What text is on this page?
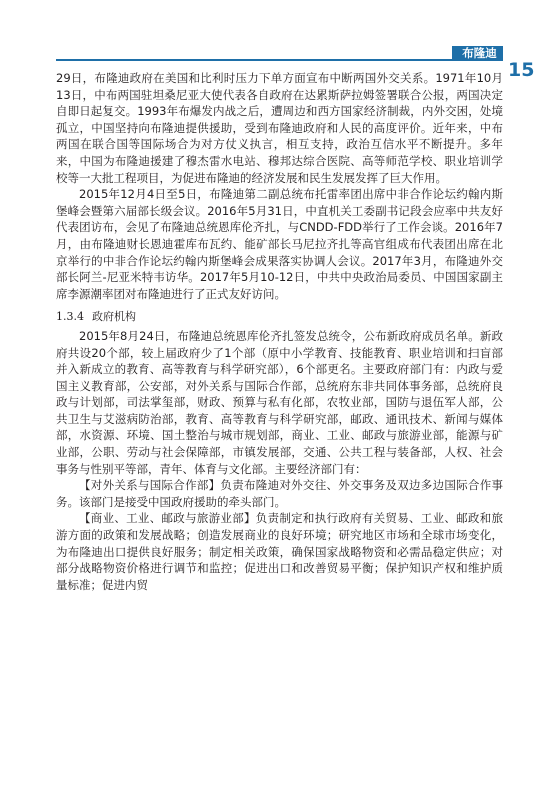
布隆迪
15

29日，布隆迪政府在美国和比利时压力下单方面宣布中断两国外交关系。1971年10月13日，中布两国驻坦桑尼亚大使代表各自政府在达累斯萨拉姆签署联合公报，两国决定自即日起复交。1993年布爆发内战之后，遭周边和西方国家经济制裁，内外交困，处境孤立，中国坚持向布隆迪提供援助，受到布隆迪政府和人民的高度评价。近年来，中布两国在联合国等国际场合为对方仗义执言，相互支持，政治互信水平不断提升。多年来，中国为布隆迪援建了穆杰雷水电站、穆邦达综合医院、高等师范学校、职业培训学校等一大批工程项目，为促进布隆迪的经济发展和民生发展发挥了巨大作用。

2015年12月4日至5日，布隆迪第二副总统布托雷率团出席中非合作论坛约翰内斯堡峰会暨第六届部长级会议。2016年5月31日，中直机关工委副书记段会应率中共友好代表团访布，会见了布隆迪总统恩库伦齐扎，与CNDD-FDD举行了工作会谈。2016年7月，由布隆迪财长恩迪霍库布瓦约、能矿部长马尼拉齐扎等高官组成布代表团出席在北京举行的中非合作论坛约翰内斯堡峰会成果落实协调人会议。2017年3月，布隆迪外交部长阿兰-尼亚米特韦访华。2017年5月10-12日，中共中央政治局委员、中国国家副主席李源潮率团对布隆迪进行了正式友好访问。

1.3.4 政府机构

2015年8月24日，布隆迪总统恩库伦齐扎签发总统令，公布新政府成员名单。新政府共设20个部，较上届政府少了1个部（原中小学教育、技能教育、职业培训和扫盲部并入新成立的教育、高等教育与科学研究部），6个部更名。主要政府部门有：内政与爱国主义教育部，公安部，对外关系与国际合作部，总统府东非共同体事务部，总统府良政与计划部，司法掌玺部，财政、预算与私有化部，农牧业部，国防与退伍军人部，公共卫生与艾滋病防治部，教育、高等教育与科学研究部，邮政、通讯技术、新闻与媒体部，水资源、环境、国土整治与城市规划部，商业、工业、邮政与旅游业部，能源与矿业部，公职、劳动与社会保障部，市镇发展部，交通、公共工程与装备部，人权、社会事务与性别平等部，青年、体育与文化部。主要经济部门有：

【对外关系与国际合作部】负责布隆迪对外交往、外交事务及双边多边国际合作事务。该部门是接受中国政府援助的牵头部门。

【商业、工业、邮政与旅游业部】负责制定和执行政府有关贸易、工业、邮政和旅游方面的政策和发展战略；创造发展商业的良好环境；研究地区市场和全球市场变化，为布隆迪出口提供良好服务；制定相关政策，确保国家战略物资和必需品稳定供应；对部分战略物资价格进行调节和监控；促进出口和改善贸易平衡；保护知识产权和维护质量标准；促进内贸
